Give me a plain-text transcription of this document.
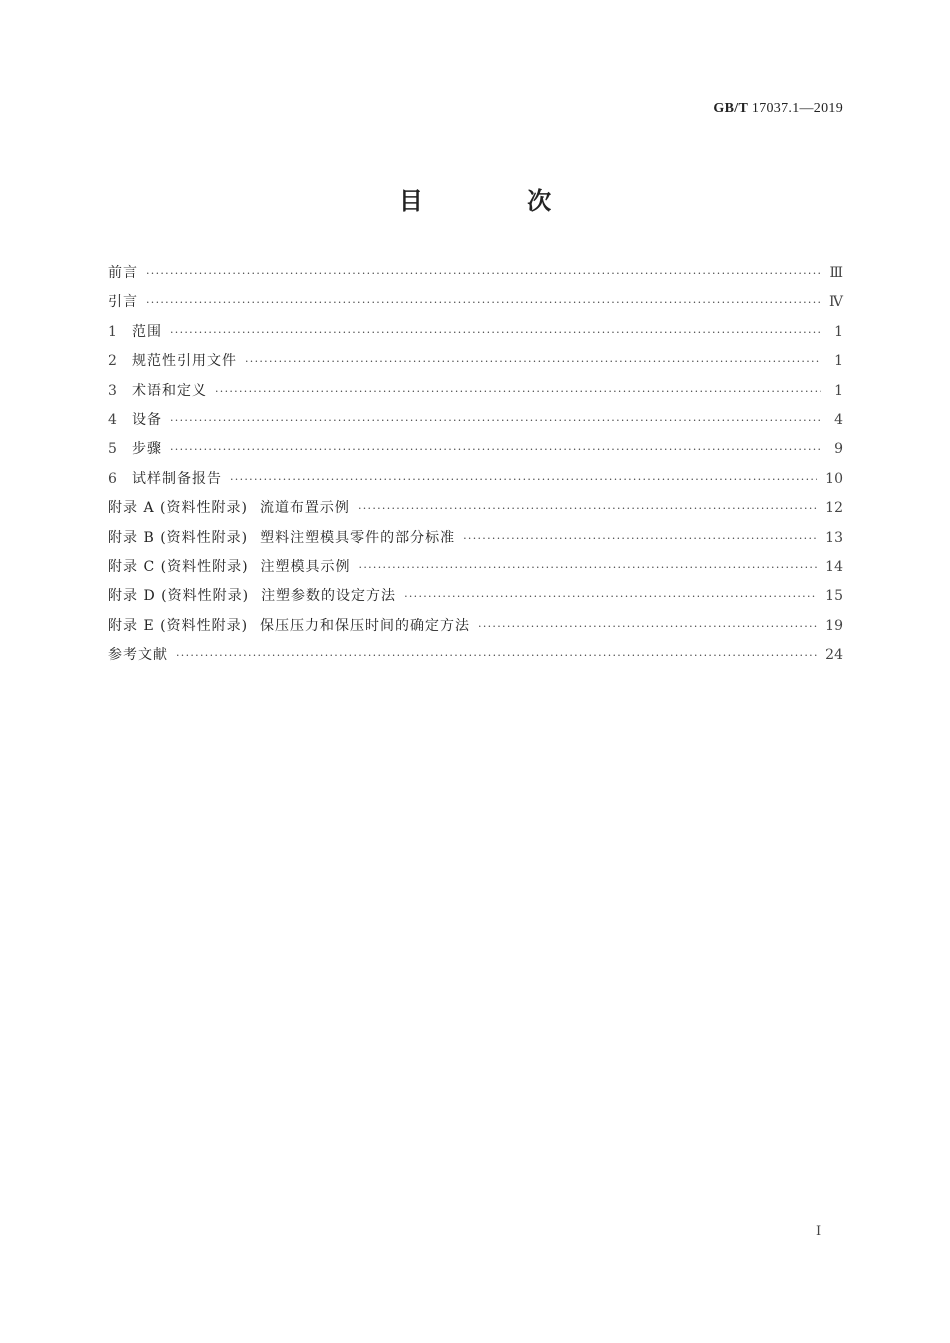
GB/T 17037.1—2019
目 次
前言 ·····	Ⅲ
引言 ·····	Ⅳ
1	范围 ·····	1
2	规范性引用文件 ·····	1
3	术语和定义 ·····	1
4	设备 ·····	4
5	步骤 ·····	9
6	试样制备报告 ·····	10
附录 A (资料性附录) 流道布置示例 ·····	12
附录 B (资料性附录) 塑料注塑模具零件的部分标准 ·····	13
附录 C (资料性附录) 注塑模具示例 ·····	14
附录 D (资料性附录) 注塑参数的设定方法 ·····	15
附录 E (资料性附录) 保压压力和保压时间的确定方法 ·····	19
参考文献 ·····	24
Ⅰ
